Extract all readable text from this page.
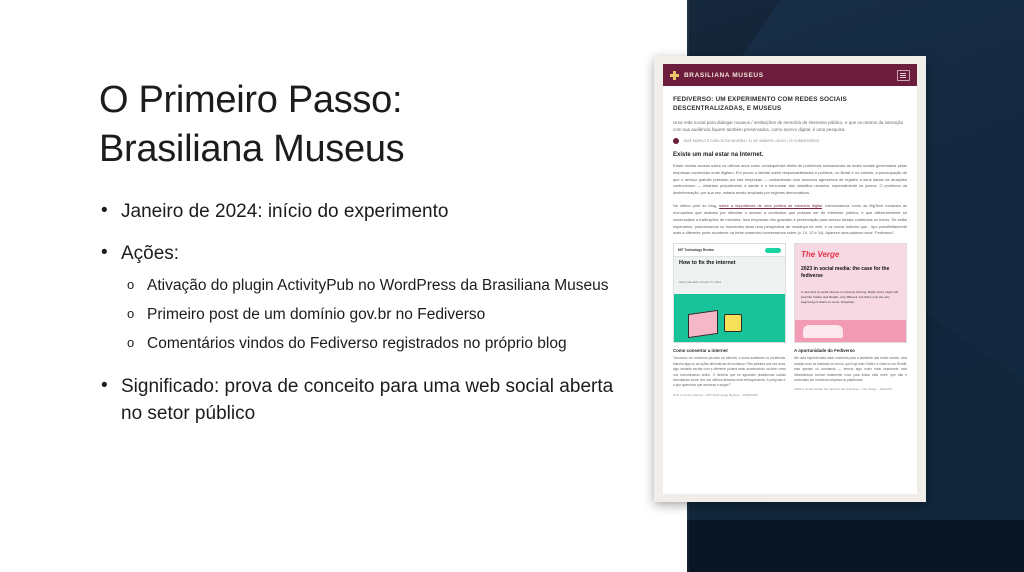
O Primeiro Passo:
Brasiliana Museus
• Janeiro de 2024: início do experimento
• Ações:
o Ativação do plugin ActivityPub no WordPress da Brasiliana Museus
o Primeiro post de um domínio gov.br no Fediverso
o Comentários vindos do Fediverso registrados no próprio blog
• Significado: prova de conceito para uma web social aberta no setor público
BRASILIANA MUSEUS
FEDIVERSO: UM EXPERIMENTO COM REDES SOCIAIS DESCENTRALIZADAS, E MUSEUS
Uma rede social para dialogar museus / instituições de memória de interesse público, e que os rastros da interação com sua audiência fiquem também preservados, como acervo digital, é uma pesquisa.
JOSÉ MURILO E CARLOS DA SILVEIRA • 31 DE JANEIRO • BLOG • 20 COMENTÁRIOS
Existe um mal estar na Internet.
Existe muitas acusas sobre os últimos anos como consequência direta de problemas sensacionais as redes sociais governadas pelas empresas comerciais onde digitam. Em pouco o debate sobre responsabilidades e políticos, no Brasil e no exterior, a preocupação de que o serviço gratuito prestado por tais empresas — contaminado com anúncios agressivos de registro a seus dados de atuações controversos — estariam prejudicando a saúde e o bem-estar dos cidadãos usuários, especialmente os jovens. O problema da desinformação, por sua vez, estaria sendo ampliado por regimes democráticos.
No último post do blog, sobre a importância de uma política de memória digital, mencionamos como as BigTech tomaram as monopólios que acabam por dificultar o acesso a conteúdos que possam ser de interesse público, e que diferentemente se universalizar a instituições de memória. Isso empresas não guardam e preservação para acesso deseja conteúdos no futuro. Se estão esperamos, posicionamos os momentos atual uma perspectiva de mudança na web, e os novos indícios que - tipo possibilitamente mais a diferente pode acontecer na fonte comercial conversamos sobre (v. 10, 12 e 14). Aparece uma palavra nova: "Fediverso".
MIT Technology Review
How to fix the internet
Stacy Renaldo October 5, 2023
Como consertar a internet
"Anunciou um momento peculiar na Internet, e todos aceitaram os problemas. Marcha algo ou as ações alternativas de mudança. Pela palestra aos dos anos, algo verdade escrita com a diferente poderá estar acontecendo na forte como nos comunicamos online. O declínio que se agrandes plataformas sociais executaram sobre nós nos últimos décadas está enfraquecendo. A pergunta é: o que queremos que aconteça a seguir?"
How to fix the internet – MIT Technology Review – 10/04/2023
The Verge
2023 in social media: the case for the fediverse
A new kind of social internet is currently forming. Right now it might still look like Twitter and Reddit, only different, but that's only the very beginning of what's to come. Hopefully.
A oportunidade do Fediverso
Até uma espécie/nada dado momento para a ambiente das redes sociais, uma criação novo se baseado os muros, que hoje trata Twitter, e outra só um Reddit, mas apenas só constando — termos algo muito mais importante uma infraestrutura comum totalmente nova para iniciar está entre, que não é controlado por nenhuma empresa ou plataforma.
2023 in social media: the case for the fediverse – The Verge – 19/12/23
